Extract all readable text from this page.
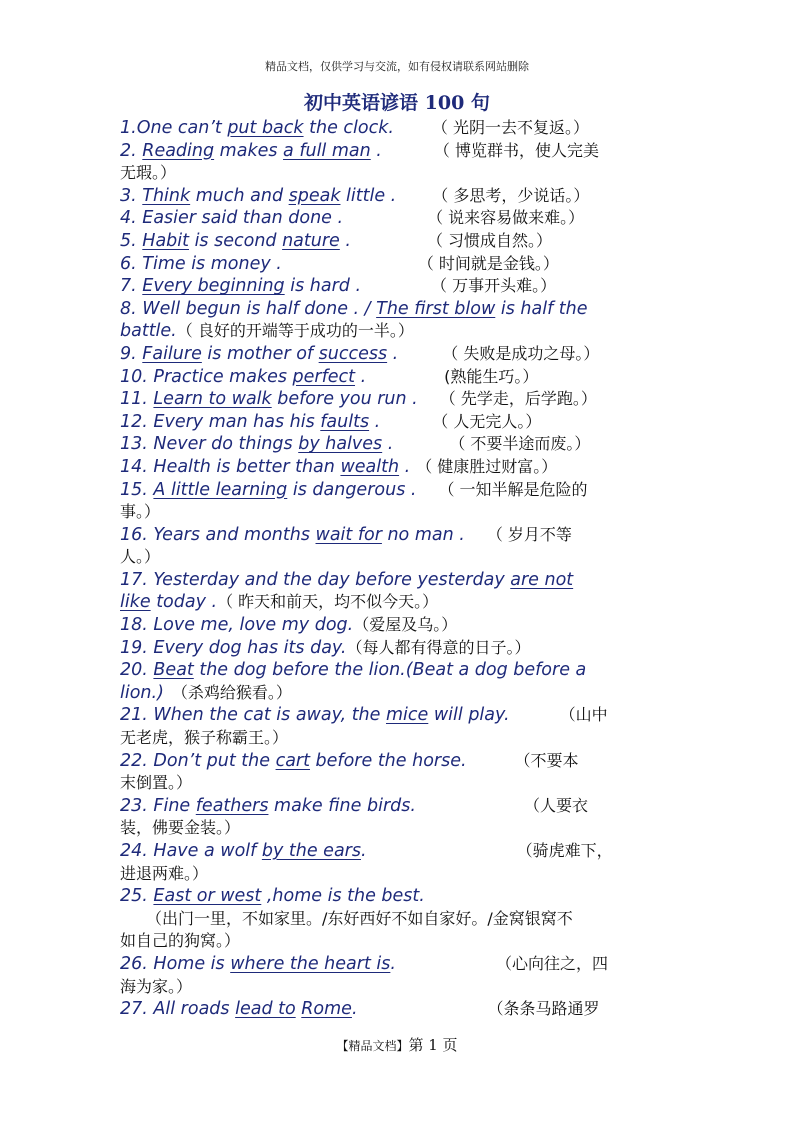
精品文档，仅供学习与交流，如有侵权请联系网站删除
初中英语谚语 100 句

1.One can’t put back the clock. （ 光阴一去不复返。）

2. Reading makes a full man .	（ 博览群书，使人完美

无瑕。）

3. Think much and speak little . （ 多思考，少说话。）

4. Easier said than done .	（ 说来容易做来难。）

5. Habit is second nature .	（ 习惯成自然。）

6. Time is money .	（ 时间就是金钱。）

7. Every beginning is hard .	（ 万事开头难。）

8. Well begun is half done . / The first blow is half the

battle.（ 良好的开端等于成功的一半。）

9. Failure is mother of success .	（ 失败是成功之母。）

10. Practice makes perfect .	(熟能生巧。）

11. Learn to walk before you run . （ 先学走，后学跑。）

12. Every man has his faults .	（ 人无完人。）

13. Never do things by halves .	（ 不要半途而废。）

14. Health is better than wealth . （ 健康胜过财富。）

15. A little learning is dangerous . （ 一知半解是危险的

事。）

16. Years and months wait for no man . （ 岁月不等

人。）

17. Yesterday and the day before yesterday are not

like today .（ 昨天和前天，均不似今天。）

18. Love me, love my dog.（爱屋及乌。）

19. Every dog has its day.（每人都有得意的日子。）

20. Beat the dog before the lion.(Beat a dog before a

lion.) （杀鸡给猴看。）

21. When the cat is away, the mice will play.	（山中

无老虎，猴子称霸王。）

22. Don’t put the cart before the horse.	（不要本

末倒置。）

23. Fine feathers make fine birds.	（人要衣

装，佛要金装。）

24. Have a wolf by the ears.	（骑虎难下，

进退两难。）

25. East or west ,home is the best.

（出门一里，不如家里。/东好西好不如自家好。/金窝银窝不

如自己的狗窝。）

26. Home is where the heart is.	（心向往之，四

海为家。）

27. All roads lead to Rome.	（条条马路通罗

【精品文档】第 1 页
